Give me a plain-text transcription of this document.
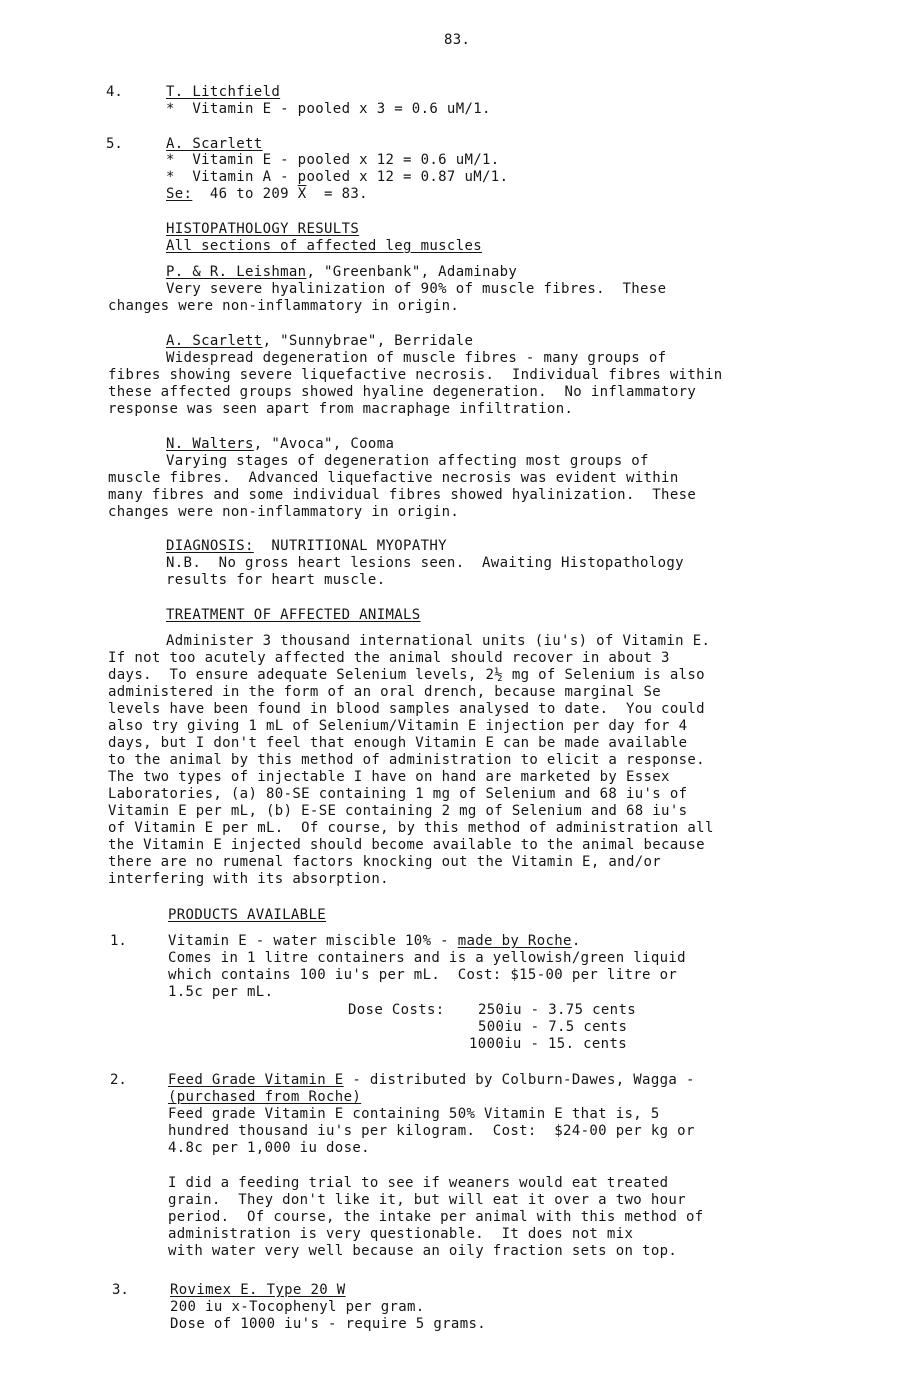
83.
4.	T. Litchfield
*  Vitamin E - pooled x 3 = 0.6 uM/1.
5.	A. Scarlett
*  Vitamin E - pooled x 12 = 0.6 uM/1.
*  Vitamin A - pooled x 12 = 0.87 uM/1.
Se:  46 to 209 $\overline{X} = 83$.
HISTOPATHOLOGY RESULTS
All sections of affected leg muscles
P. & R. Leishman, "Greenbank", Adaminaby
Very severe hyalinization of 90% of muscle fibres.  These
changes were non-inflammatory in origin.
A. Scarlett, "Sunnybrae", Berridale
Widespread degeneration of muscle fibres - many groups of
fibres showing severe liquefactive necrosis.  Individual fibres within
these affected groups showed hyaline degeneration.  No inflammatory
response was seen apart from macraphage infiltration.
N. Walters, "Avoca", Cooma
Varying stages of degeneration affecting most groups of
muscle fibres.  Advanced liquefactive necrosis was evident within
many fibres and some individual fibres showed hyalinization.  These
changes were non-inflammatory in origin.
DIAGNOSIS:  NUTRITIONAL MYOPATHY
N.B.  No gross heart lesions seen.  Awaiting Histopathology
results for heart muscle.
TREATMENT OF AFFECTED ANIMALS
Administer 3 thousand international units (iu's) of Vitamin E.
If not too acutely affected the animal should recover in about 3
days.  To ensure adequate Selenium levels, 2½ mg of Selenium is also
administered in the form of an oral drench, because marginal Se
levels have been found in blood samples analysed to date.  You could
also try giving 1 mL of Selenium/Vitamin E injection per day for 4
days, but I don't feel that enough Vitamin E can be made available
to the animal by this method of administration to elicit a response.
The two types of injectable I have on hand are marketed by Essex
Laboratories, (a) 80-SE containing 1 mg of Selenium and 68 iu's of
Vitamin E per mL, (b) E-SE containing 2 mg of Selenium and 68 iu's
of Vitamin E per mL.  Of course, by this method of administration all
the Vitamin E injected should become available to the animal because
there are no rumenal factors knocking out the Vitamin E, and/or
interfering with its absorption.
PRODUCTS AVAILABLE
1.	Vitamin E - water miscible 10% - made by Roche.
Comes in 1 litre containers and is a yellowish/green liquid
which contains 100 iu's per mL.  Cost: $15-00 per litre or
1.5c per mL.
Dose Costs: 250iu - 3.75 cents
500iu - 7.5 cents
1000iu - 15. cents
2.	Feed Grade Vitamin E - distributed by Colburn-Dawes, Wagga -
(purchased from Roche)
Feed grade Vitamin E containing 50% Vitamin E that is, 5
hundred thousand iu's per kilogram.  Cost:  $24-00 per kg or
4.8c per 1,000 iu dose.
I did a feeding trial to see if weaners would eat treated
grain.  They don't like it, but will eat it over a two hour
period.  Of course, the intake per animal with this method of
administration is very questionable.  It does not mix
with water very well because an oily fraction sets on top.
3.	Rovimex E. Type 20 W
200 iu x-Tocophenyl per gram.
Dose of 1000 iu's - require 5 grams.
